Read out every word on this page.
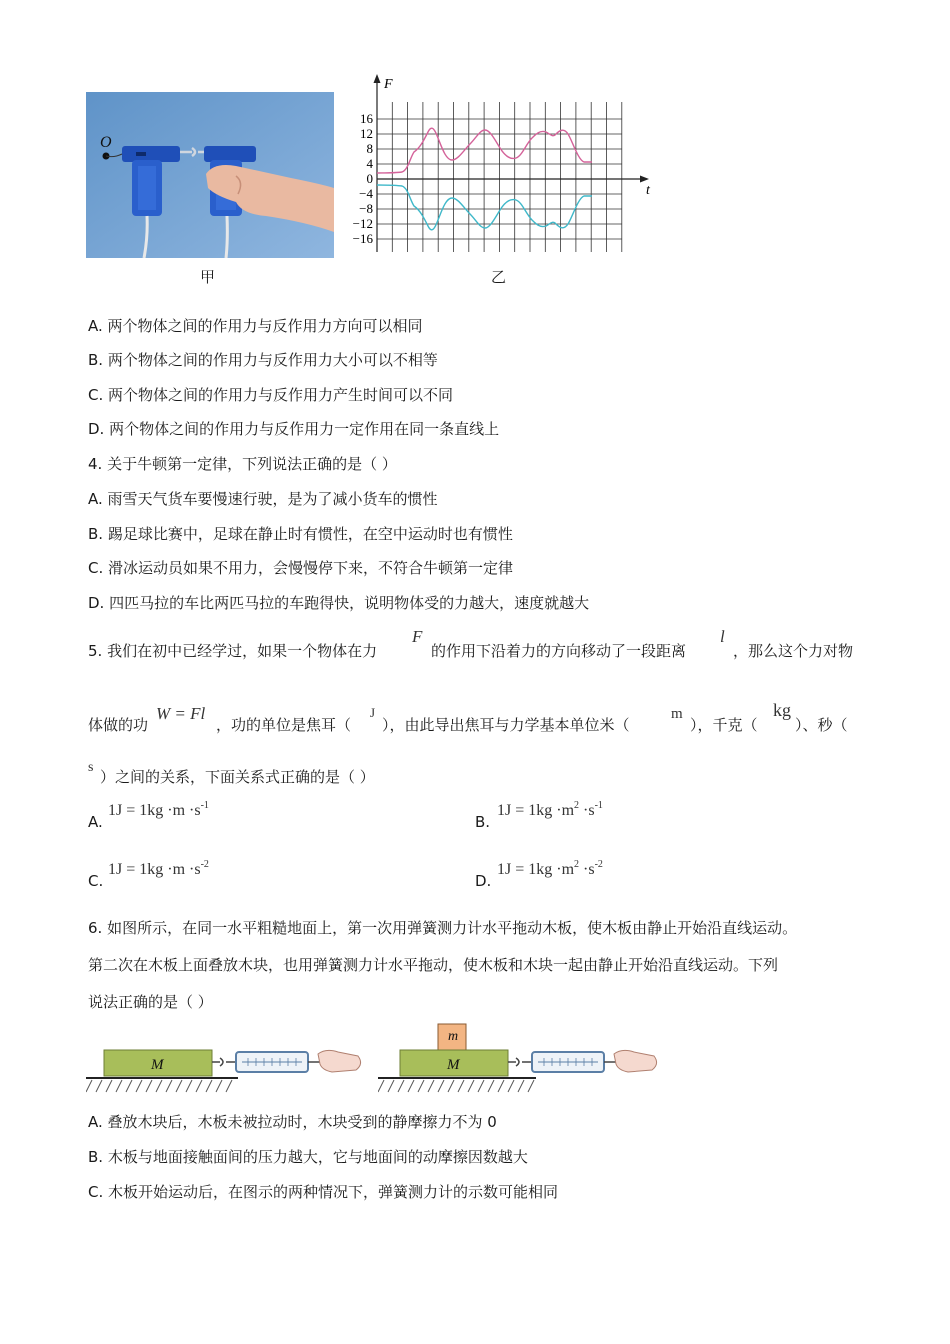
O
甲
F
t
16
12
8
4
0
−4
−8
−12
−16
乙
A. 两个物体之间的作用力与反作用力方向可以相同
B. 两个物体之间的作用力与反作用力大小可以不相等
C. 两个物体之间的作用力与反作用力产生时间可以不同
D. 两个物体之间的作用力与反作用力一定作用在同一条直线上
4. 关于牛顿第一定律，下列说法正确的是（ ）
A. 雨雪天气货车要慢速行驶，是为了减小货车的惯性
B. 踢足球比赛中，足球在静止时有惯性，在空中运动时也有惯性
C. 滑冰运动员如果不用力，会慢慢停下来，不符合牛顿第一定律
D. 四匹马拉的车比两匹马拉的车跑得快，说明物体受的力越大，速度就越大
5. 我们在初中已经学过，如果一个物体在力
F
的作用下沿着力的方向移动了一段距离
l
，那么这个力对物
体做的功
W = Fl
，功的单位是焦耳（
J
），由此导出焦耳与力学基本单位米（
m
），千克（
kg
）、秒（
s
）之间的关系，下面关系式正确的是（ ）
A.
$1J = 1kg \cdot m \cdot s^{-1}$
B.
$1J = 1kg \cdot m^2 \cdot s^{-1}$
C.
$1J = 1kg \cdot m \cdot s^{-2}$
D.
$1J = 1kg \cdot m^2 \cdot s^{-2}$
6. 如图所示，在同一水平粗糙地面上，第一次用弹簧测力计水平拖动木板，使木板由静止开始沿直线运动。
第二次在木板上面叠放木块，也用弹簧测力计水平拖动，使木板和木块一起由静止开始沿直线运动。下列
说法正确的是（ ）
M
m
M
A. 叠放木块后，木板未被拉动时，木块受到的静摩擦力不为 0
B. 木板与地面接触面间的压力越大，它与地面间的动摩擦因数越大
C. 木板开始运动后，在图示的两种情况下，弹簧测力计的示数可能相同
